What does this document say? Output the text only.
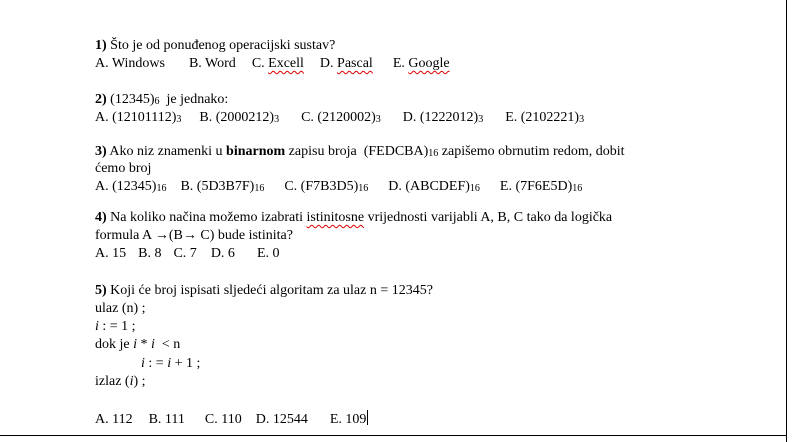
1) Što je od ponuđenog operacijski sustav?
A. Windows B. Word C. Excell D. Pascal E. Google
2) (12345)6  je jednako:
A. (12101112)3 B. (2000212)3 C. (2120002)3 D. (1222012)3 E. (2102221)3
3) Ako niz znamenki u binarnom zapisu broja  (FEDCBA)16 zapišemo obrnutim redom, dobit
ćemo broj
A. (12345)16 B. (5D3B7F)16 C. (F7B3D5)16 D. (ABCDEF)16 E. (7F6E5D)16
4) Na koliko načina možemo izabrati istinitosne vrijednosti varijabli A, B, C tako da logička
formula A →(B→ C) bude istinita?
A. 15 B. 8 C. 7 D. 6 E. 0
5) Koji će broj ispisati sljedeći algoritam za ulaz n = 12345?
ulaz (n) ;
i : = 1 ;
dok je i * i  < n
i : = i + 1 ;
izlaz (i) ;
A. 112 B. 111 C. 110 D. 12544 E. 109
